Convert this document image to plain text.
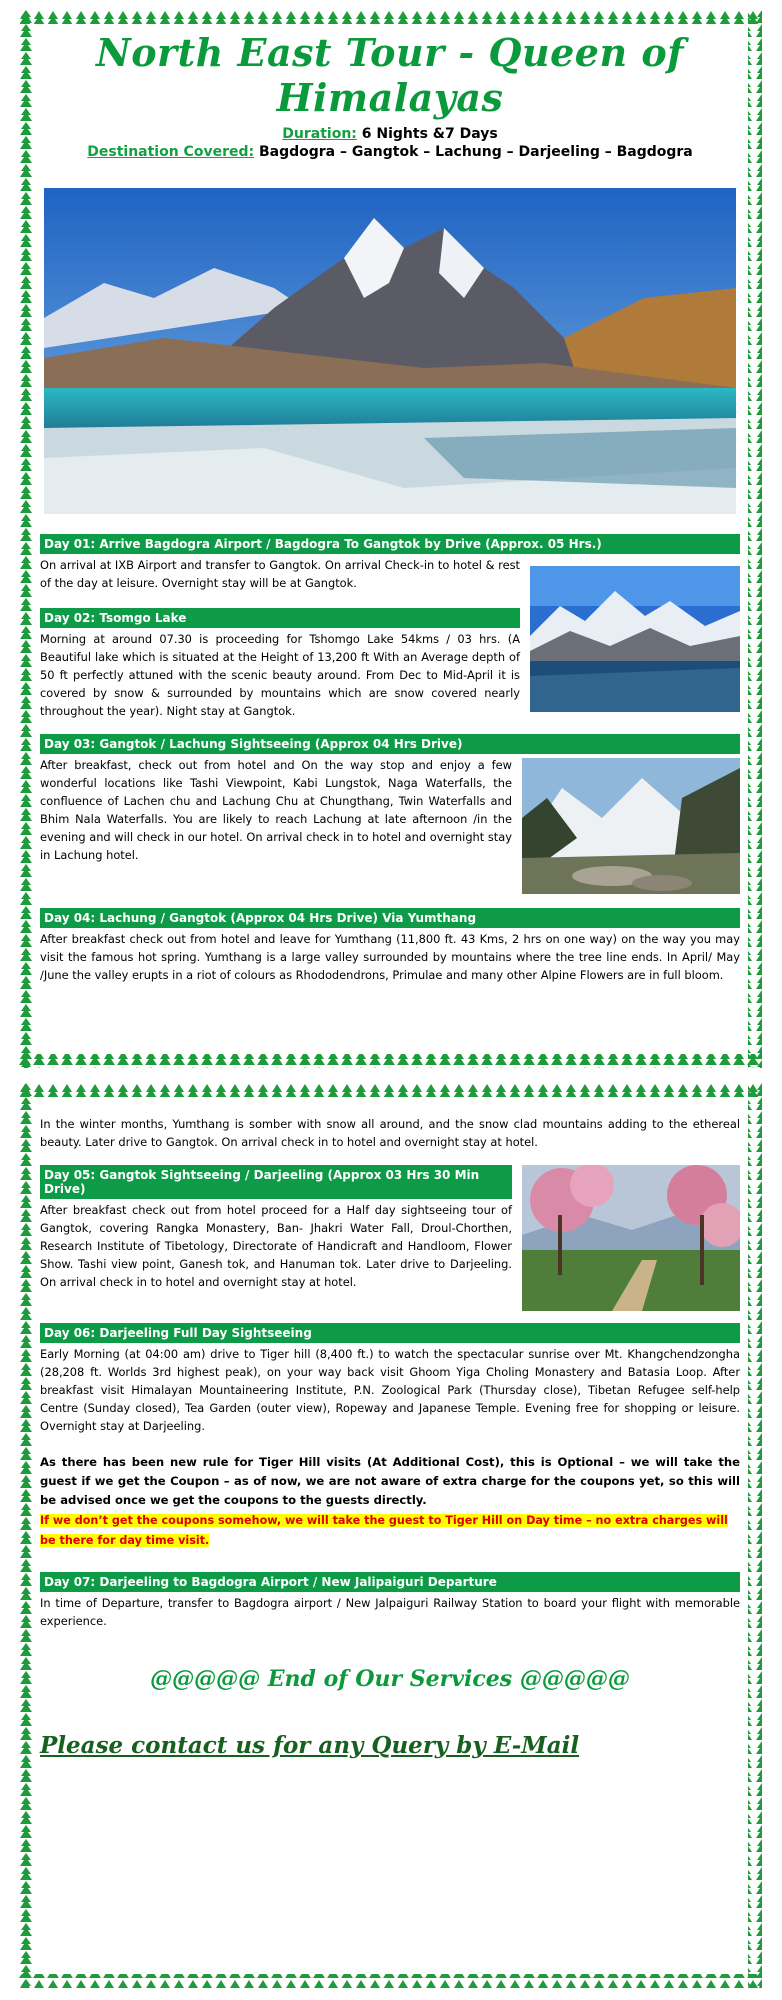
North East Tour - Queen of Himalayas
Duration: 6 Nights &7 Days
Destination Covered: Bagdogra – Gangtok – Lachung – Darjeeling – Bagdogra
Day 01: Arrive Bagdogra Airport / Bagdogra To Gangtok by Drive (Approx. 05 Hrs.)

On arrival at IXB Airport and transfer to Gangtok. On arrival Check-in to hotel & rest of the day at leisure. Overnight stay will be at Gangtok.

Day 02: Tsomgo Lake

Morning at around 07.30 is proceeding for Tshomgo Lake 54kms / 03 hrs. (A Beautiful lake which is situated at the Height of 13,200 ft With an Average depth of 50 ft perfectly attuned with the scenic beauty around. From Dec to Mid-April it is covered by snow & surrounded by mountains which are snow covered nearly throughout the year). Night stay at Gangtok.

Day 03: Gangtok / Lachung Sightseeing (Approx 04 Hrs Drive)

After breakfast, check out from hotel and On the way stop and enjoy a few wonderful locations like Tashi Viewpoint, Kabi Lungstok, Naga Waterfalls, the confluence of Lachen chu and Lachung Chu at Chungthang, Twin Waterfalls and Bhim Nala Waterfalls. You are likely to reach Lachung at late afternoon /in the evening and will check in our hotel. On arrival check in to hotel and overnight stay in Lachung hotel.

Day 04: Lachung / Gangtok (Approx 04 Hrs Drive) Via Yumthang

After breakfast check out from hotel and leave for Yumthang (11,800 ft. 43 Kms, 2 hrs on one way) on the way you may visit the famous hot spring. Yumthang is a large valley surrounded by mountains where the tree line ends. In April/ May /June the valley erupts in a riot of colours as Rhododendrons, Primulae and many other Alpine Flowers are in full bloom.

In the winter months, Yumthang is somber with snow all around, and the snow clad mountains adding to the ethereal beauty. Later drive to Gangtok. On arrival check in to hotel and overnight stay at hotel.

Day 05: Gangtok Sightseeing / Darjeeling (Approx 03 Hrs 30 Min Drive)

After breakfast check out from hotel proceed for a Half day sightseeing tour of Gangtok, covering Rangka Monastery, Ban- Jhakri Water Fall, Droul-Chorthen, Research Institute of Tibetology, Directorate of Handicraft and Handloom, Flower Show. Tashi view point, Ganesh tok, and Hanuman tok. Later drive to Darjeeling. On arrival check in to hotel and overnight stay at hotel.

Day 06: Darjeeling Full Day Sightseeing

Early Morning (at 04:00 am) drive to Tiger hill (8,400 ft.) to watch the spectacular sunrise over Mt. Khangchendzongha (28,208 ft. Worlds 3rd highest peak), on your way back visit Ghoom Yiga Choling Monastery and Batasia Loop. After breakfast visit Himalayan Mountaineering Institute, P.N. Zoological Park (Thursday close), Tibetan Refugee self-help Centre (Sunday closed), Tea Garden (outer view), Ropeway and Japanese Temple. Evening free for shopping or leisure. Overnight stay at Darjeeling.

As there has been new rule for Tiger Hill visits (At Additional Cost), this is Optional – we will take the guest if we get the Coupon – as of now, we are not aware of extra charge for the coupons yet, so this will be advised once we get the coupons to the guests directly.
If we don’t get the coupons somehow, we will take the guest to Tiger Hill on Day time – no extra charges will be there for day time visit.
Day 07: Darjeeling to Bagdogra Airport / New Jalipaiguri Departure

In time of Departure, transfer to Bagdogra airport / New Jalpaiguri Railway Station to board your flight with memorable experience.

@@@@@ End of Our Services @@@@@
Please contact us for any Query by E-Mail
